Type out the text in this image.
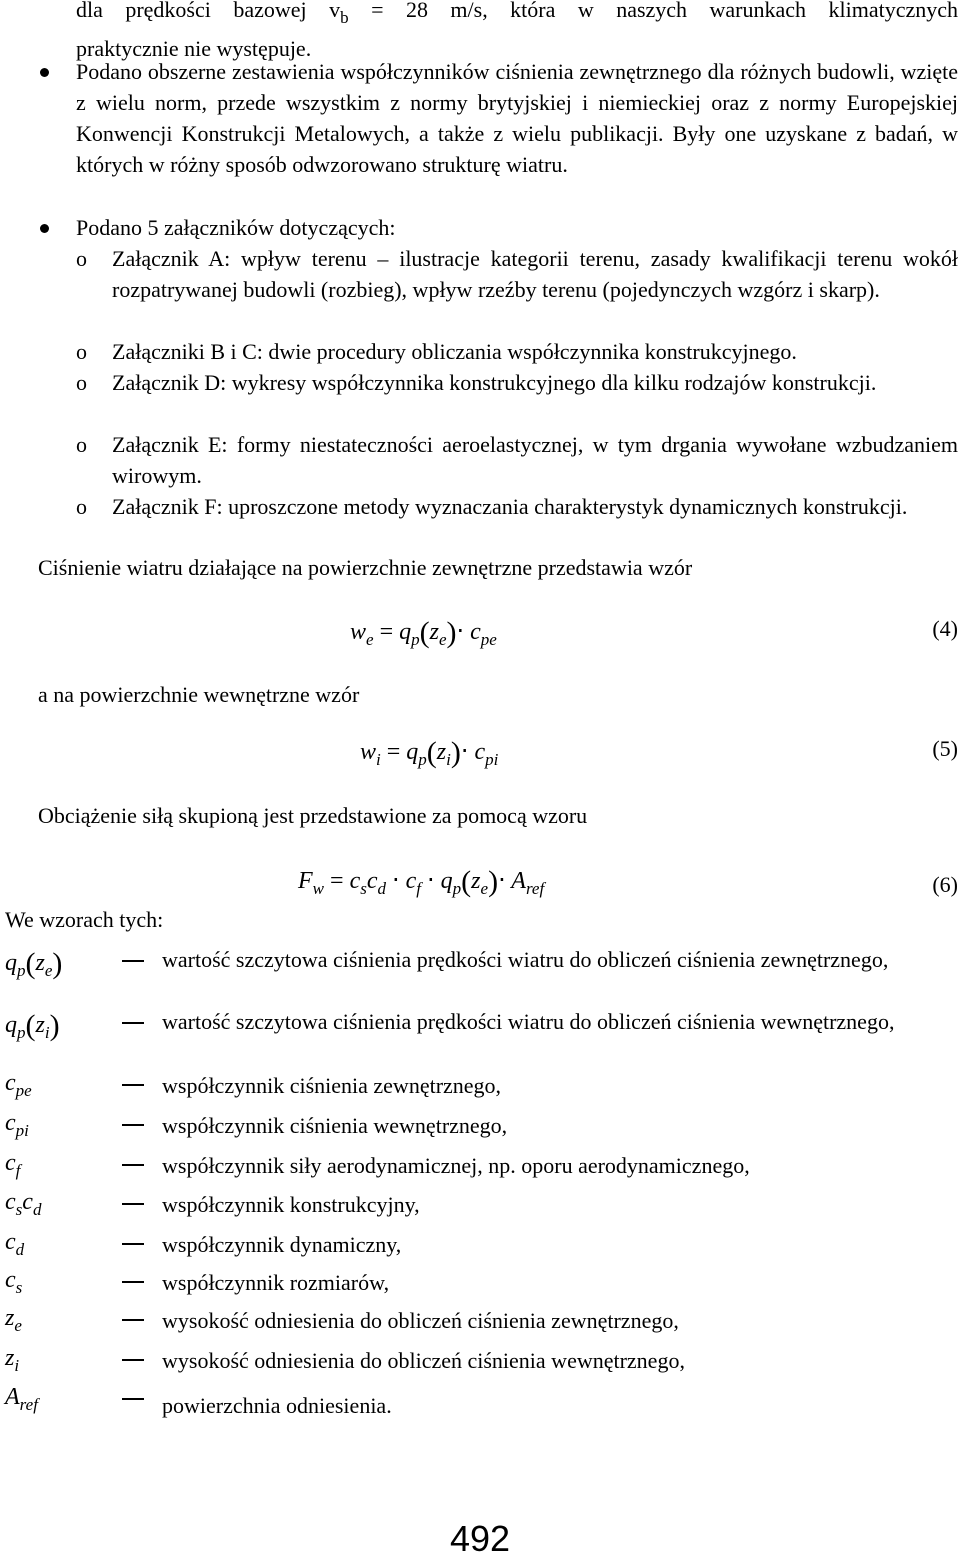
dla prędkości bazowej $v_b = 28$ m/s, która w naszych warunkach klimatycznych

praktycznie nie występuje.

Podano obszerne zestawienia współczynników ciśnienia zewnętrznego dla różnych budowli, wzięte z wielu norm, przede wszystkim z normy brytyjskiej i niemieckiej oraz z normy Europejskiej Konwencji Konstrukcji Metalowych, a także z wielu publikacji. Były one uzyskane z badań, w których w różny sposób odwzorowano strukturę wiatru.
Podano 5 załączników dotyczących:
o Załącznik A: wpływ terenu – ilustracje kategorii terenu, zasady kwalifikacji terenu wokół rozpatrywanej budowli (rozbieg), wpływ rzeźby terenu (pojedynczych wzgórz i skarp).
o Załączniki B i C: dwie procedury obliczania współczynnika konstrukcyjnego.
o Załącznik D: wykresy współczynnika konstrukcyjnego dla kilku rodzajów konstrukcji.
o Załącznik E: formy niestateczności aeroelastycznej, w tym drgania wywołane wzbudzaniem wirowym.
o Załącznik F: uproszczone metody wyznaczania charakterystyk dynamicznych konstrukcji.
Ciśnienie wiatru działające na powierzchnie zewnętrzne przedstawia wzór
$w_e = q_p(z_e)\cdot c_{pe}$	(4)
a na powierzchnie wewnętrzne wzór
$w_i = q_p(z_i)\cdot c_{pi}$	(5)
Obciążenie siłą skupioną jest przedstawione za pomocą wzoru
$F_w = c_sc_d \cdot c_f \cdot q_p(z_e)\cdot A_{ref}$	(6)
We wzorach tych:
$q_p(z_e)$	wartość szczytowa ciśnienia prędkości wiatru do obliczeń ciśnienia zewnętrznego,
$q_p(z_i)$	wartość szczytowa ciśnienia prędkości wiatru do obliczeń ciśnienia wewnętrznego,
$c_{pe}$	współczynnik ciśnienia zewnętrznego,
$c_{pi}$	współczynnik ciśnienia wewnętrznego,
$c_f$	współczynnik siły aerodynamicznej, np. oporu aerodynamicznego,
$c_sc_d$	współczynnik konstrukcyjny,
$c_d$	współczynnik dynamiczny,
$c_s$	współczynnik rozmiarów,
$z_e$	wysokość odniesienia do obliczeń ciśnienia zewnętrznego,
$z_i$	wysokość odniesienia do obliczeń ciśnienia wewnętrznego,
$A_{ref}$	powierzchnia odniesienia.
492
